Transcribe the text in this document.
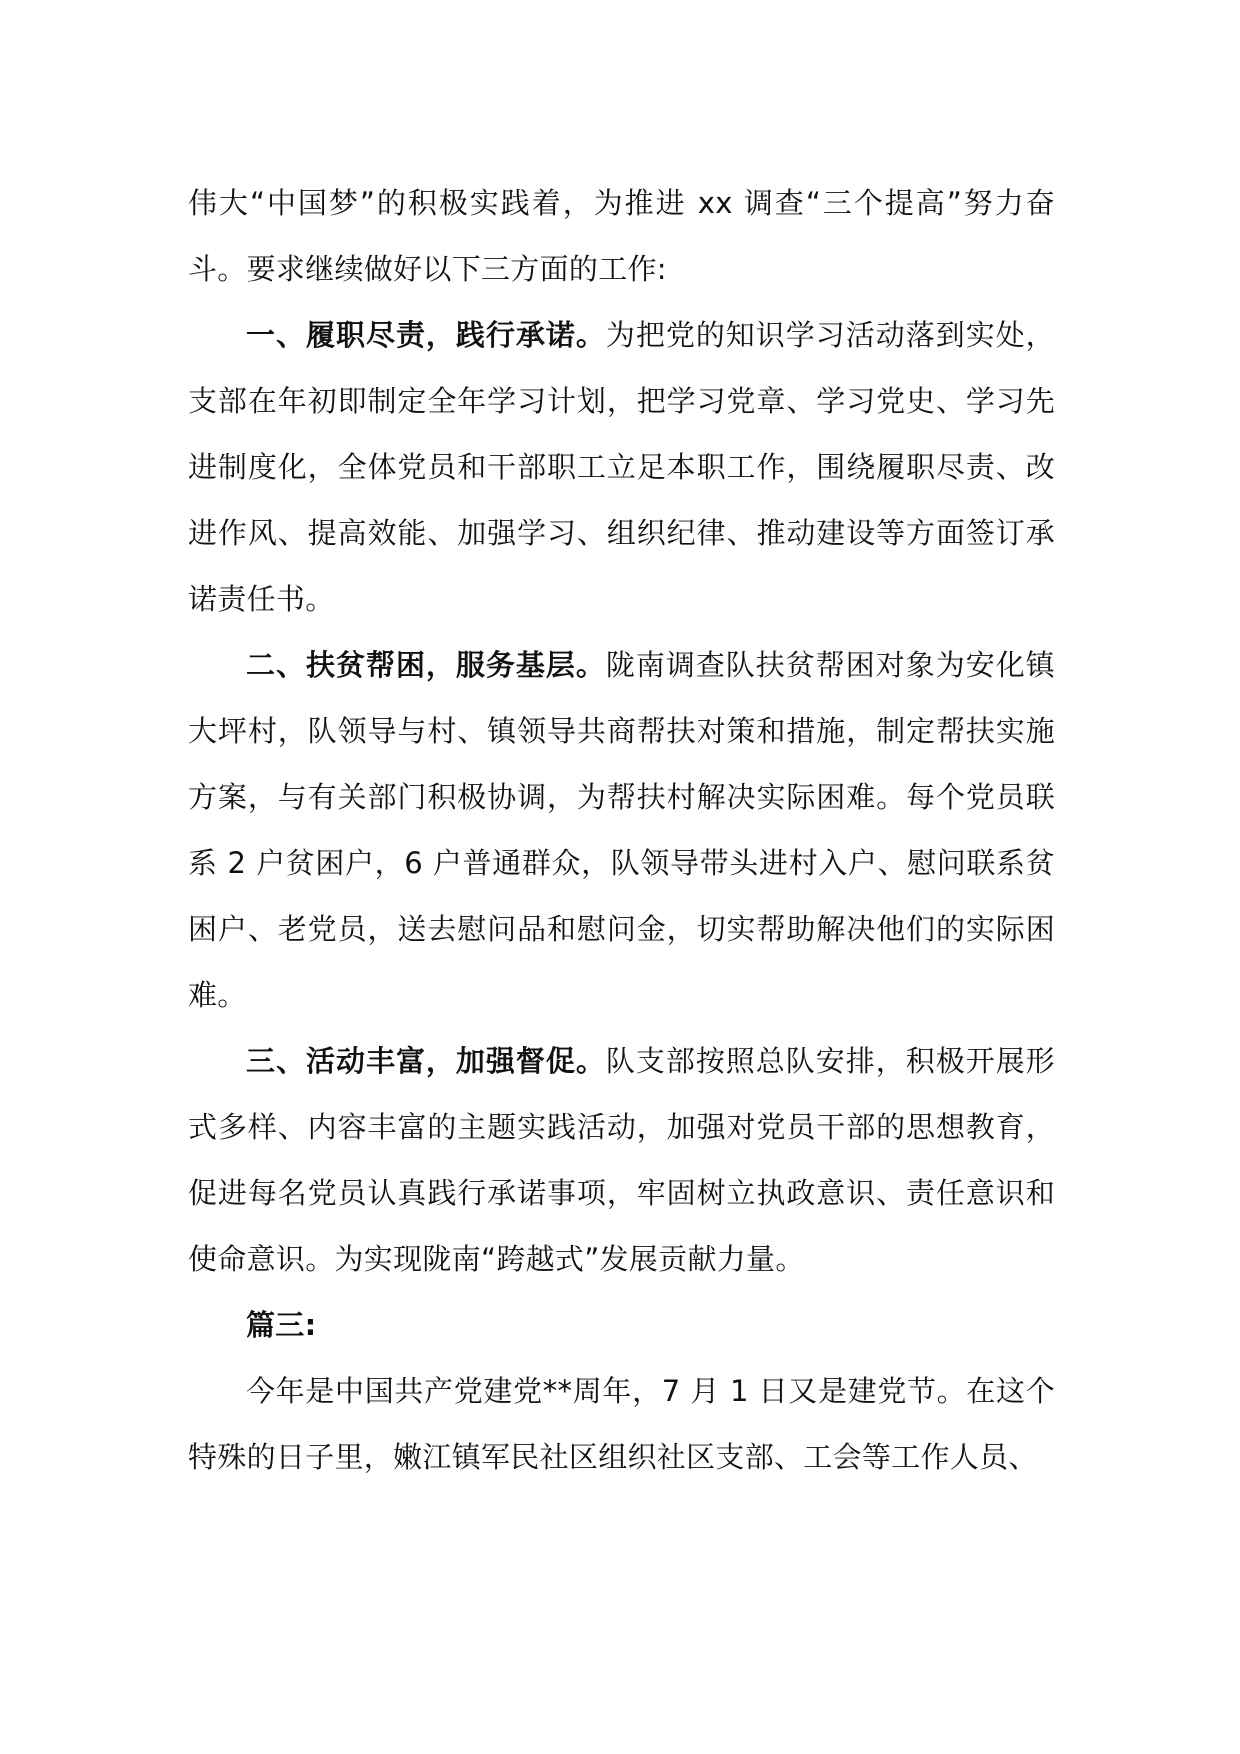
伟大“中国梦”的积极实践着，为推进 xx 调查“三个提高”努力奋斗。要求继续做好以下三方面的工作:

一、履职尽责，践行承诺。为把党的知识学习活动落到实处，支部在年初即制定全年学习计划，把学习党章、学习党史、学习先进制度化，全体党员和干部职工立足本职工作，围绕履职尽责、改进作风、提高效能、加强学习、组织纪律、推动建设等方面签订承诺责任书。

二、扶贫帮困，服务基层。陇南调查队扶贫帮困对象为安化镇大坪村，队领导与村、镇领导共商帮扶对策和措施，制定帮扶实施方案，与有关部门积极协调，为帮扶村解决实际困难。每个党员联系 2 户贫困户，6 户普通群众，队领导带头进村入户、慰问联系贫困户、老党员，送去慰问品和慰问金，切实帮助解决他们的实际困难。

三、活动丰富，加强督促。队支部按照总队安排，积极开展形式多样、内容丰富的主题实践活动，加强对党员干部的思想教育，促进每名党员认真践行承诺事项，牢固树立执政意识、责任意识和使命意识。为实现陇南“跨越式”发展贡献力量。

篇三:

今年是中国共产党建党**周年，7 月 1 日又是建党节。在这个特殊的日子里，嫩江镇军民社区组织社区支部、工会等工作人员、
